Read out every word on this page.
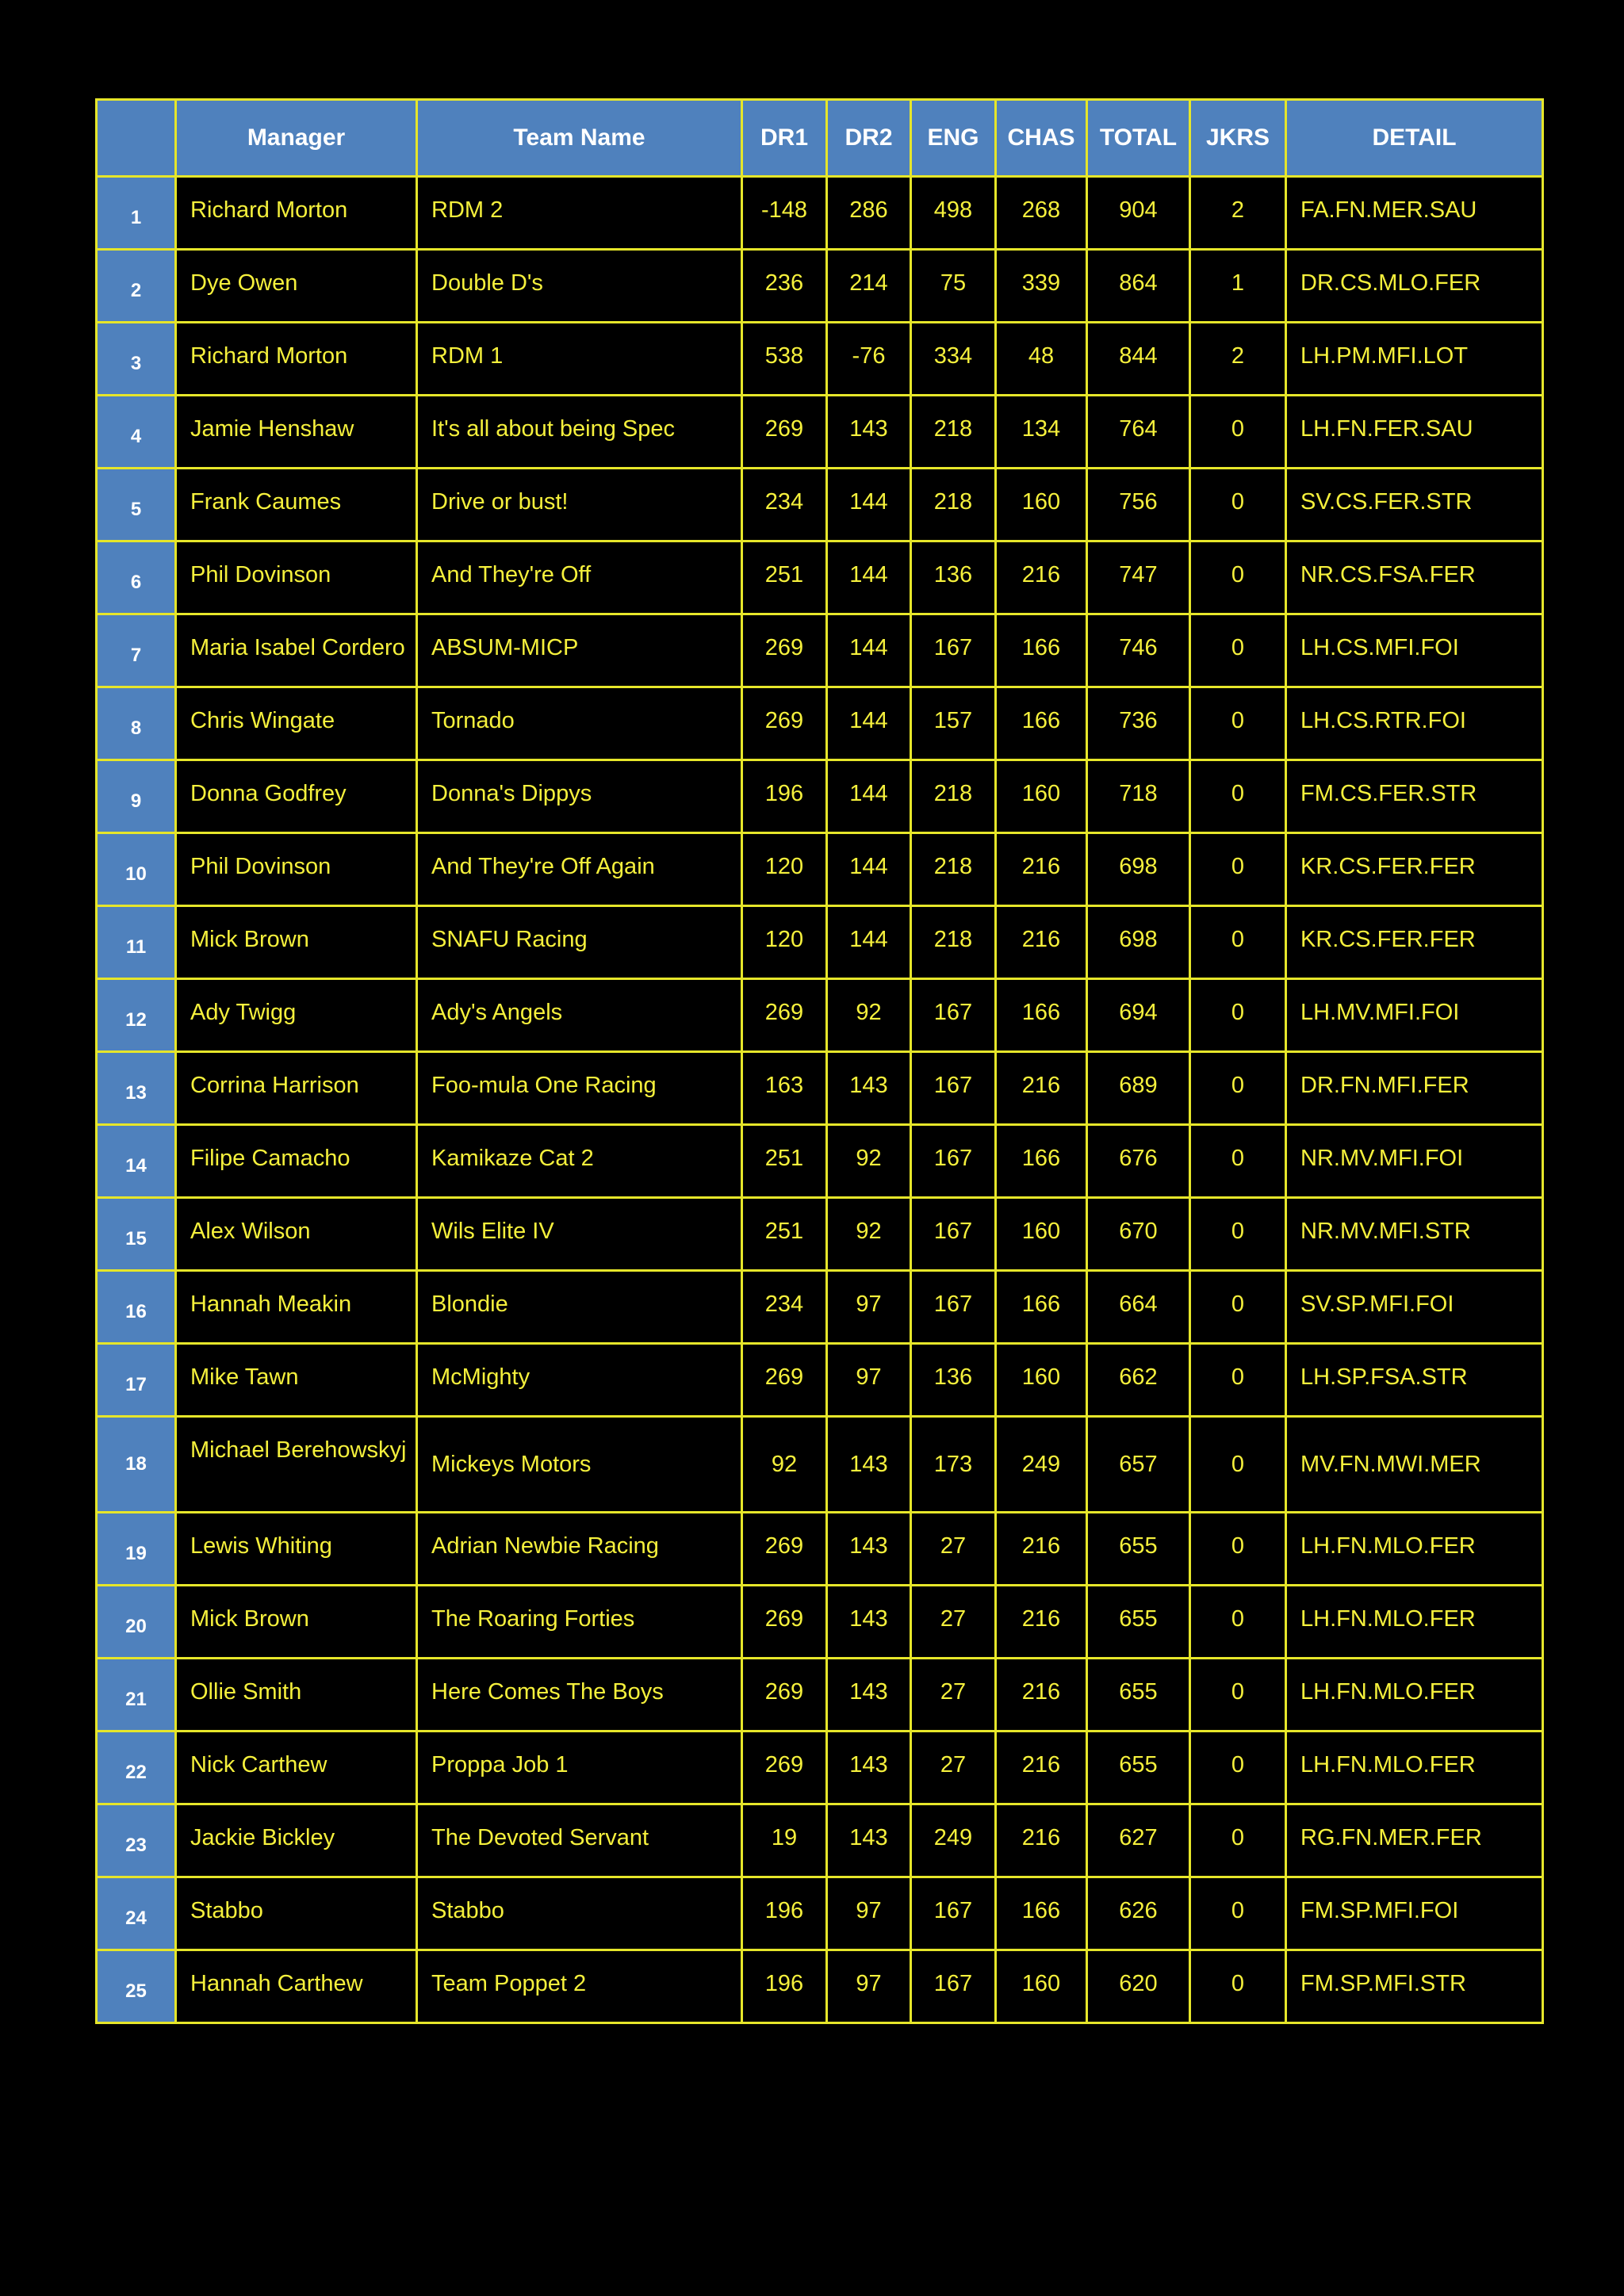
	Manager	Team Name	DR1	DR2	ENG	CHAS	TOTAL	JKRS	DETAIL
1	Richard Morton	RDM 2	-148	286	498	268	904	2	FA.FN.MER.SAU
2	Dye Owen	Double D's	236	214	75	339	864	1	DR.CS.MLO.FER
3	Richard Morton	RDM 1	538	-76	334	48	844	2	LH.PM.MFI.LOT
4	Jamie Henshaw	It's all about being Spec	269	143	218	134	764	0	LH.FN.FER.SAU
5	Frank Caumes	Drive or bust!	234	144	218	160	756	0	SV.CS.FER.STR
6	Phil Dovinson	And They're Off	251	144	136	216	747	0	NR.CS.FSA.FER
7	Maria Isabel Cordero	ABSUM-MICP	269	144	167	166	746	0	LH.CS.MFI.FOI
8	Chris Wingate	Tornado	269	144	157	166	736	0	LH.CS.RTR.FOI
9	Donna Godfrey	Donna's Dippys	196	144	218	160	718	0	FM.CS.FER.STR
10	Phil Dovinson	And They're Off Again	120	144	218	216	698	0	KR.CS.FER.FER
11	Mick Brown	SNAFU Racing	120	144	218	216	698	0	KR.CS.FER.FER
12	Ady Twigg	Ady's Angels	269	92	167	166	694	0	LH.MV.MFI.FOI
13	Corrina Harrison	Foo-mula One Racing	163	143	167	216	689	0	DR.FN.MFI.FER
14	Filipe Camacho	Kamikaze Cat 2	251	92	167	166	676	0	NR.MV.MFI.FOI
15	Alex Wilson	Wils Elite IV	251	92	167	160	670	0	NR.MV.MFI.STR
16	Hannah Meakin	Blondie	234	97	167	166	664	0	SV.SP.MFI.FOI
17	Mike Tawn	McMighty	269	97	136	160	662	0	LH.SP.FSA.STR
18	Michael Berehowskyj	Mickeys Motors	92	143	173	249	657	0	MV.FN.MWI.MER
19	Lewis Whiting	Adrian Newbie Racing	269	143	27	216	655	0	LH.FN.MLO.FER
20	Mick Brown	The Roaring Forties	269	143	27	216	655	0	LH.FN.MLO.FER
21	Ollie Smith	Here Comes The Boys	269	143	27	216	655	0	LH.FN.MLO.FER
22	Nick Carthew	Proppa Job 1	269	143	27	216	655	0	LH.FN.MLO.FER
23	Jackie Bickley	The Devoted Servant	19	143	249	216	627	0	RG.FN.MER.FER
24	Stabbo	Stabbo	196	97	167	166	626	0	FM.SP.MFI.FOI
25	Hannah Carthew	Team Poppet 2	196	97	167	160	620	0	FM.SP.MFI.STR
